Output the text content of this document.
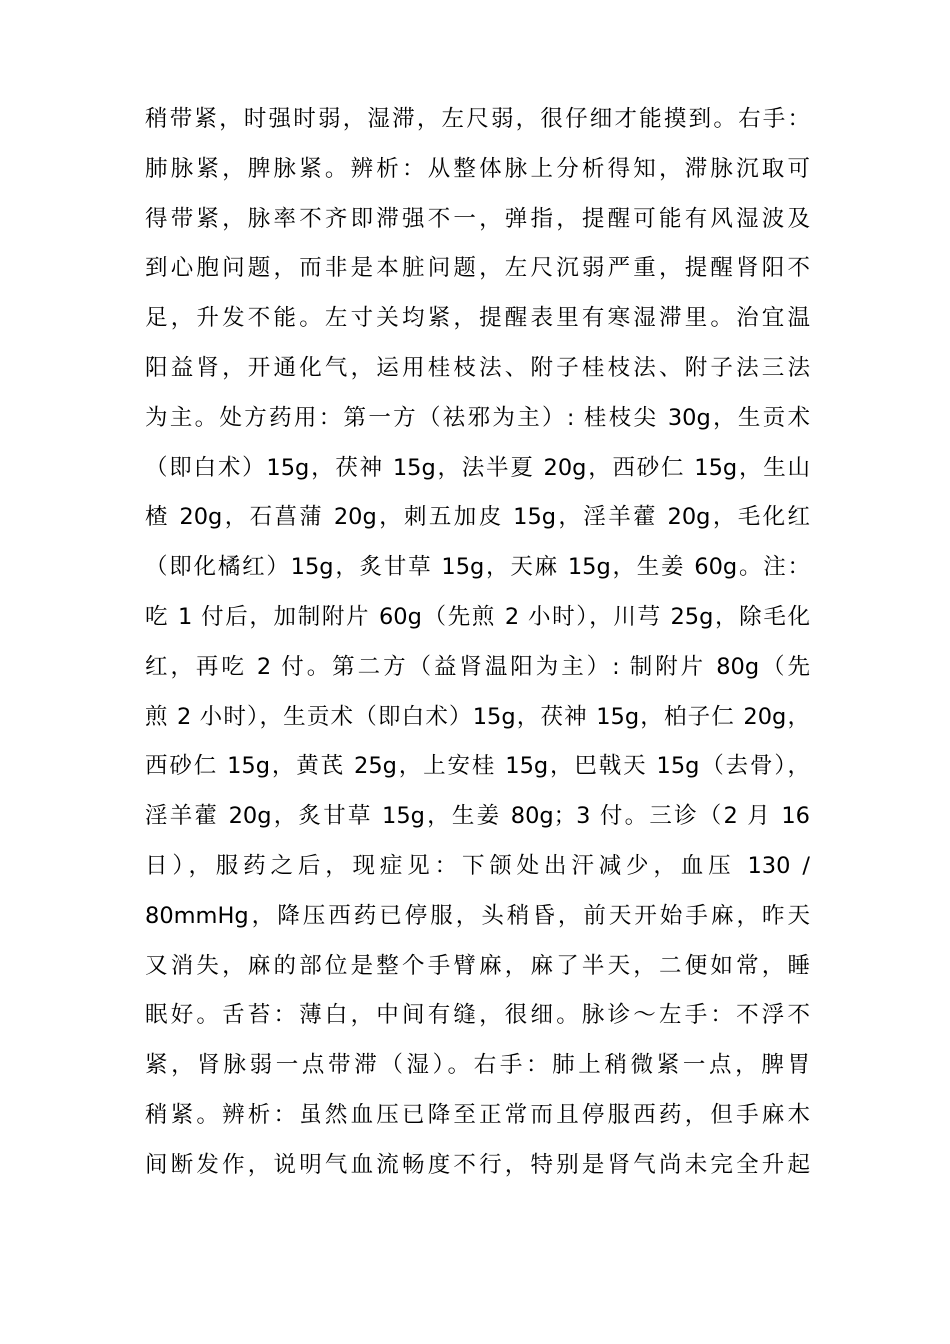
稍带紧，时强时弱，湿滞，左尺弱，很仔细才能摸到。右手：
肺脉紧，脾脉紧。辨析：从整体脉上分析得知，滞脉沉取可
得带紧，脉率不齐即滞强不一，弹指，提醒可能有风湿波及
到心胞问题，而非是本脏问题，左尺沉弱严重，提醒肾阳不
足，升发不能。左寸关均紧，提醒表里有寒湿滞里。治宜温
阳益肾，开通化气，运用桂枝法、附子桂枝法、附子法三法
为主。处方药用：第一方（祛邪为主）: 桂枝尖 30g，生贡术
（即白术）15g，茯神 15g，法半夏 20g，西砂仁 15g，生山
楂 20g，石菖蒲 20g，刺五加皮 15g，淫羊藿 20g，毛化红
（即化橘红）15g，炙甘草 15g，天麻 15g，生姜 60g。注：
吃 1 付后，加制附片 60g（先煎 2 小时），川芎 25g，除毛化
红，再吃 2 付。第二方（益肾温阳为主）: 制附片 80g（先
煎 2 小时），生贡术（即白术）15g，茯神 15g，柏子仁 20g，
西砂仁 15g，黄芪 25g，上安桂 15g，巴戟天 15g（去骨），
淫羊藿 20g，炙甘草 15g，生姜 80g；3 付。三诊（2 月 16
日），服药之后，现症见：下颌处出汗减少，血压 130 /
80mmHg，降压西药已停服，头稍昏，前天开始手麻，昨天
又消失，麻的部位是整个手臂麻，麻了半天，二便如常，睡
眠好。舌苔：薄白，中间有缝，很细。脉诊～左手：不浮不
紧，肾脉弱一点带滞（湿）。右手：肺上稍微紧一点，脾胃
稍紧。辨析：虽然血压已降至正常而且停服西药，但手麻木
间断发作，说明气血流畅度不行，特别是肾气尚未完全升起
